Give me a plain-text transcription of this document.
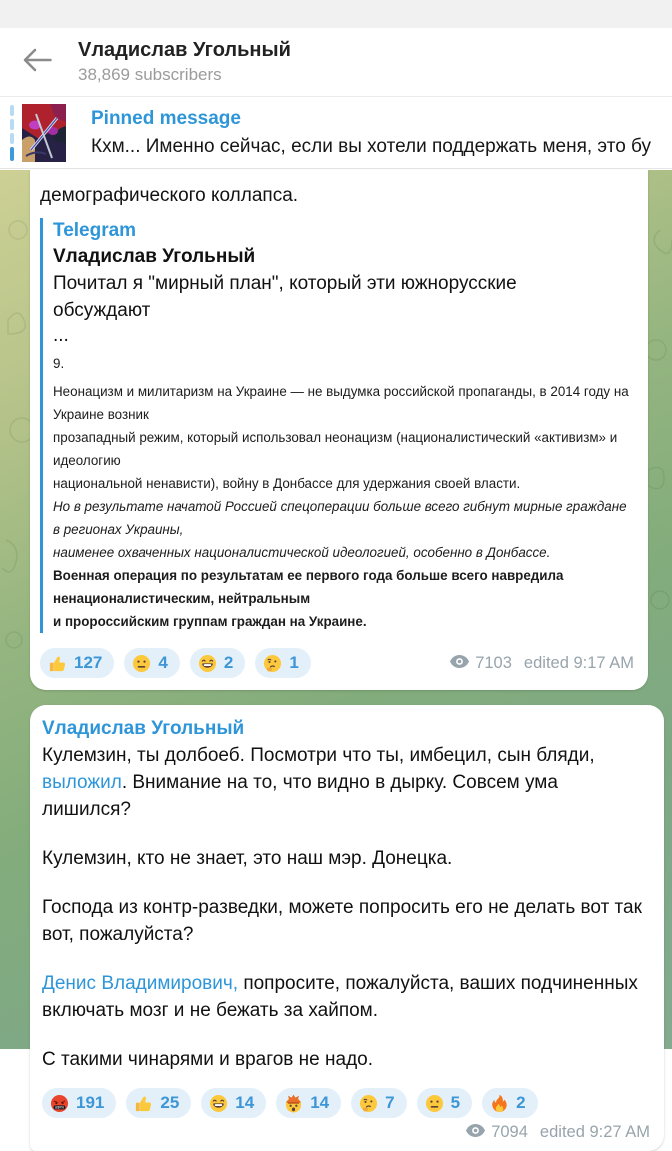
Vладислав Угольный
38,869 subscribers
Pinned message
Кхм... Именно сейчас, если вы хотели поддержать меня, это бу
демографического коллапса.
Telegram
Vладислав Угольный
Почитал я "мирный план", который эти южнорусские обсуждают
...
9.
Неонацизм и милитаризм на Украине — не выдумка российской пропаганды, в 2014 году на Украине возник
прозападный режим, который использовал неонацизм (националистический «активизм» и идеологию
национальной ненависти), войну в Донбассе для удержания своей власти.
Но в результате начатой Россией спецоперации больше всего гибнут мирные граждане в регионах Украины,
наименее охваченных националистической идеологией, особенно в Донбассе.
Военная операция по результатам ее первого года больше всего навредила ненационалистическим, нейтральным
и пророссийским группам граждан на Украине.
127	4	2	1	7103 edited 9:17 AM
Vладислав Угольный

Кулемзин, ты долбоеб. Посмотри что ты, имбецил, сын бляди, выложил. Внимание на то, что видно в дырку. Совсем ума лишился?

Кулемзин, кто не знает, это наш мэр. Донецка.

Господа из контр-разведки, можете попросить его не делать вот так вот, пожалуйста?

Денис Владимирович, попросите, пожалуйста, ваших подчиненных включать мозг и не бежать за хайпом.

С такими чинарями и врагов не надо.

&$#% 191	25	14	14	7	5	2
7094 edited 9:27 AM
